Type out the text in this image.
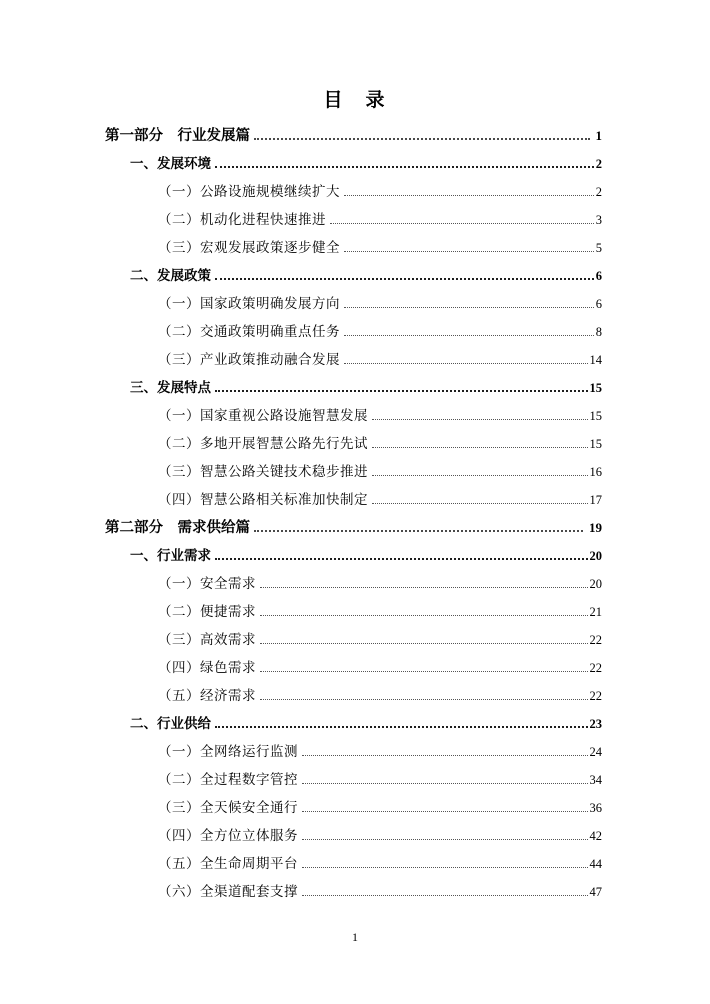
目　录
第一部分　行业发展篇	1
一、发展环境	2
（一）公路设施规模继续扩大	2
（二）机动化进程快速推进	3
（三）宏观发展政策逐步健全	5
二、发展政策	6
（一）国家政策明确发展方向	6
（二）交通政策明确重点任务	8
（三）产业政策推动融合发展	14
三、发展特点	15
（一）国家重视公路设施智慧发展	15
（二）多地开展智慧公路先行先试	15
（三）智慧公路关键技术稳步推进	16
（四）智慧公路相关标准加快制定	17
第二部分　需求供给篇	19
一、行业需求	20
（一）安全需求	20
（二）便捷需求	21
（三）高效需求	22
（四）绿色需求	22
（五）经济需求	22
二、行业供给	23
（一）全网络运行监测	24
（二）全过程数字管控	34
（三）全天候安全通行	36
（四）全方位立体服务	42
（五）全生命周期平台	44
（六）全渠道配套支撑	47
1
